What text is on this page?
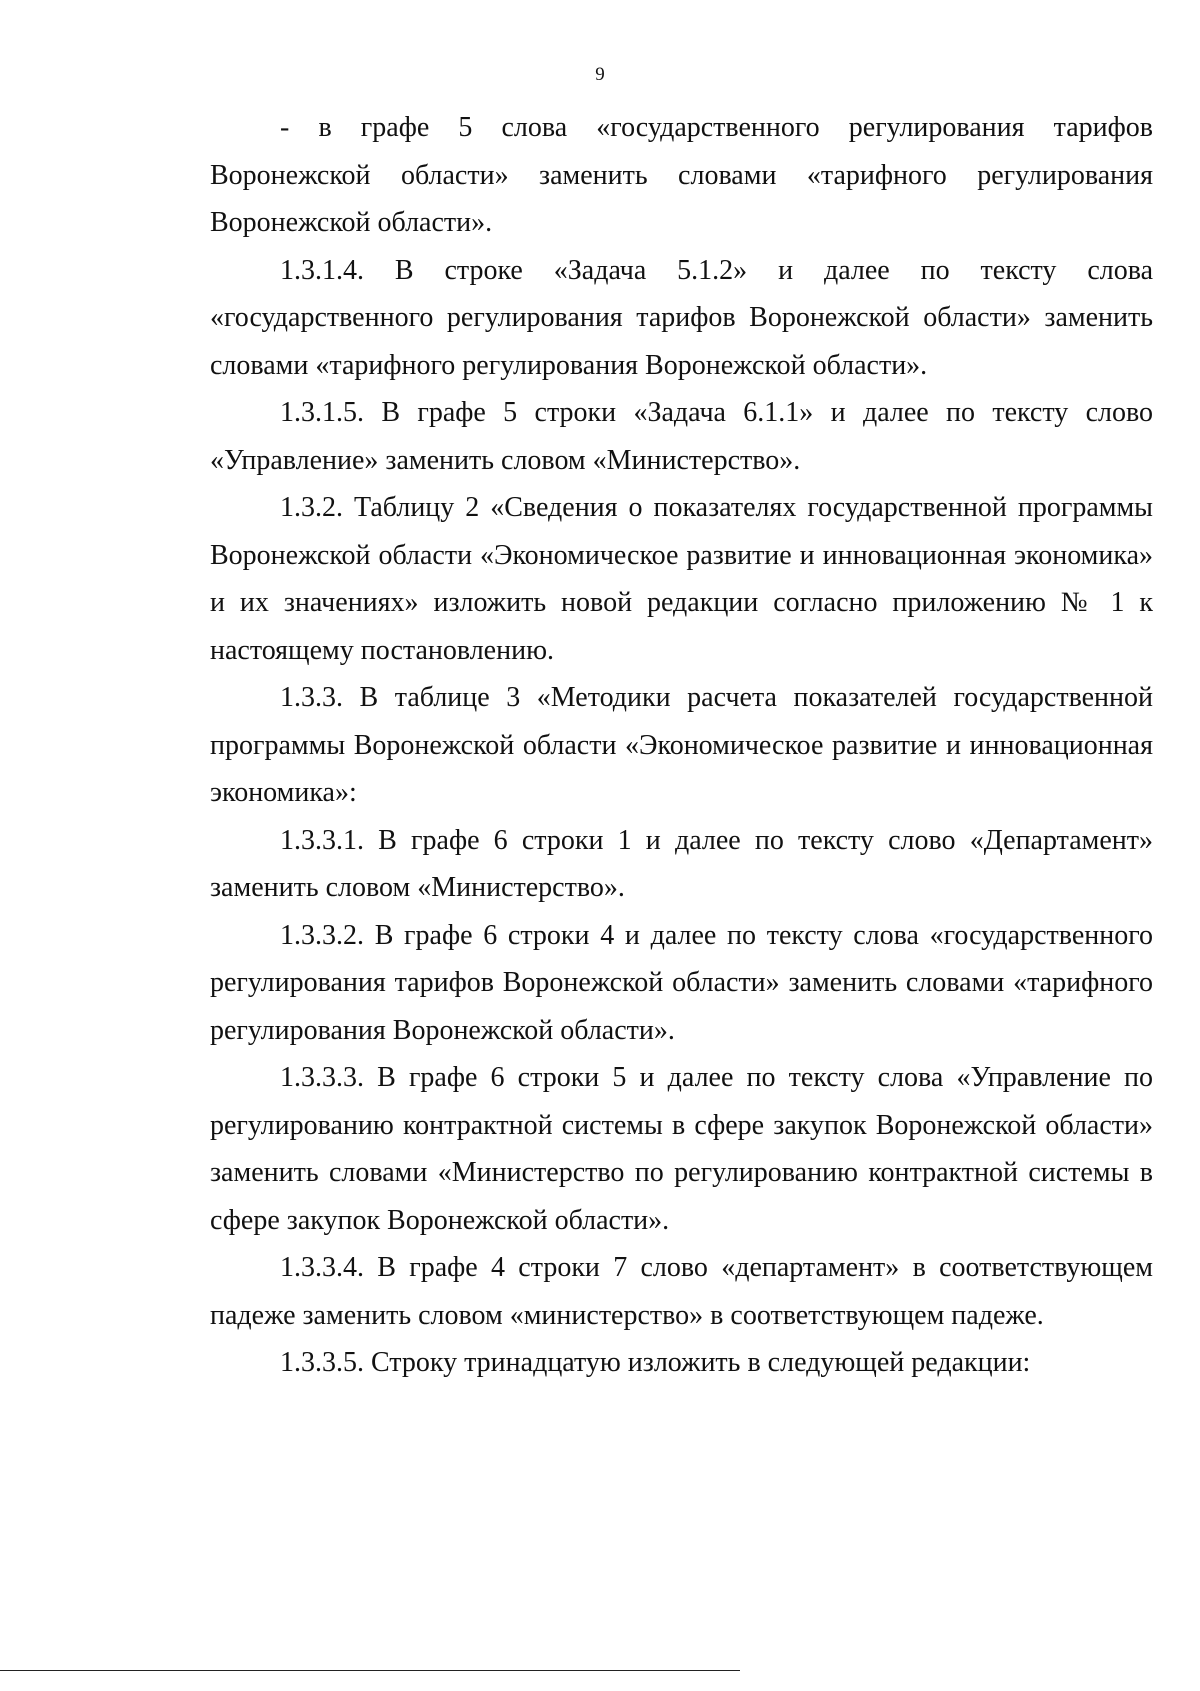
9

- в графе 5 слова «государственного регулирования тарифов Воронежской области» заменить словами «тарифного регулирования Воронежской области».

1.3.1.4. В строке «Задача 5.1.2» и далее по тексту слова «государственного регулирования тарифов Воронежской области» заменить словами «тарифного регулирования Воронежской области».

1.3.1.5. В графе 5 строки «Задача 6.1.1» и далее по тексту слово «Управление» заменить словом «Министерство».

1.3.2. Таблицу 2 «Сведения о показателях государственной программы Воронежской области «Экономическое развитие и инновационная экономика» и их значениях» изложить новой редакции согласно приложению № 1 к настоящему постановлению.

1.3.3. В таблице 3 «Методики расчета показателей государственной программы Воронежской области «Экономическое развитие и инновационная экономика»:

1.3.3.1. В графе 6 строки 1 и далее по тексту слово «Департамент» заменить словом «Министерство».

1.3.3.2. В графе 6 строки 4 и далее по тексту слова «государственного регулирования тарифов Воронежской области» заменить словами «тарифного регулирования Воронежской области».

1.3.3.3. В графе 6 строки 5 и далее по тексту слова «Управление по регулированию контрактной системы в сфере закупок Воронежской области» заменить словами «Министерство по регулированию контрактной системы в сфере закупок Воронежской области».

1.3.3.4. В графе 4 строки 7 слово «департамент» в соответствующем падеже заменить словом «министерство» в соответствующем падеже.

1.3.3.5. Строку тринадцатую изложить в следующей редакции:
